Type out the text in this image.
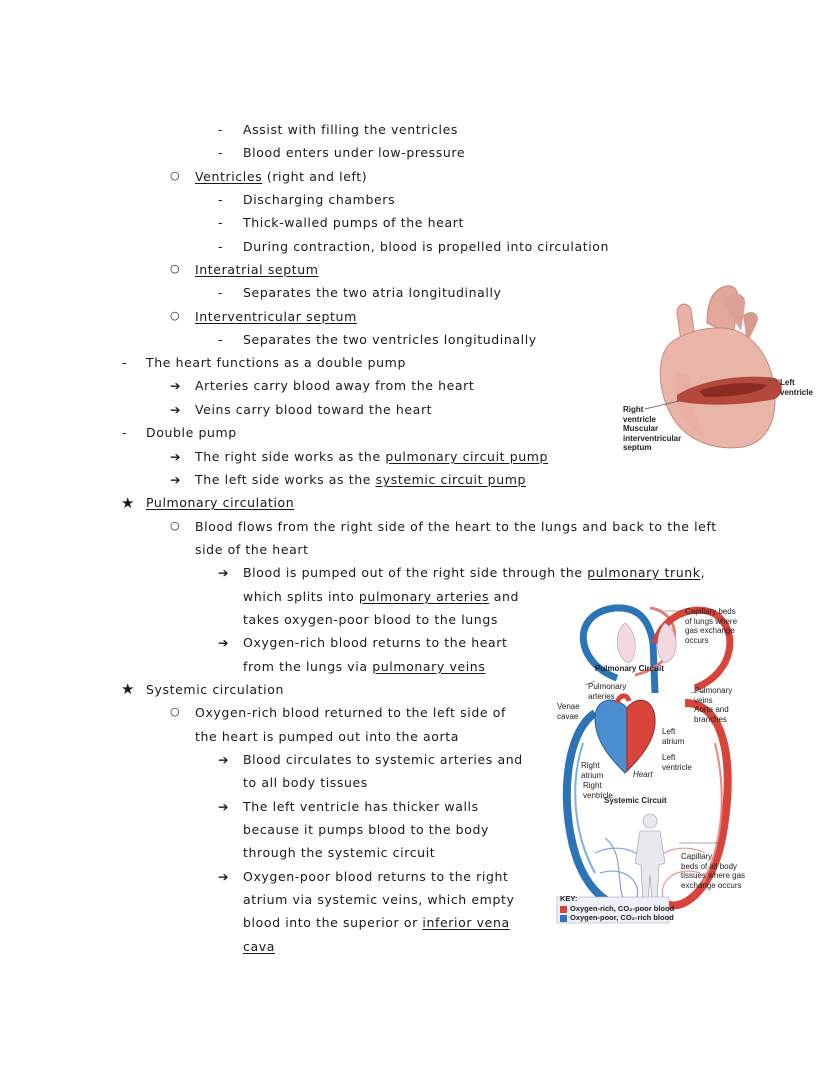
- Assist with filling the ventricles
- Blood enters under low-pressure
○ Ventricles (right and left)
- Discharging chambers
- Thick-walled pumps of the heart
- During contraction, blood is propelled into circulation
○ Interatrial septum
- Separates the two atria longitudinally
○ Interventricular septum
- Separates the two ventricles longitudinally
- The heart functions as a double pump
➔ Arteries carry blood away from the heart
➔ Veins carry blood toward the heart
- Double pump
➔ The right side works as the pulmonary circuit pump
➔ The left side works as the systemic circuit pump
★ Pulmonary circulation
○ Blood flows from the right side of the heart to the lungs and back to the left
side of the heart
➔ Blood is pumped out of the right side through the pulmonary trunk,
which splits into pulmonary arteries and
takes oxygen-poor blood to the lungs
➔ Oxygen-rich blood returns to the heart
from the lungs via pulmonary veins
★ Systemic circulation
○ Oxygen-rich blood returned to the left side of
the heart is pumped out into the aorta
➔ Blood circulates to systemic arteries and
to all body tissues
➔ The left ventricle has thicker walls
because it pumps blood to the body
through the systemic circuit
➔ Oxygen-poor blood returns to the right
atrium via systemic veins, which empty
blood into the superior or inferior vena
cava
Left
ventricle
Right
ventricle
Muscular
interventricular
septum
Capillary beds
of lungs where
gas exchange
occurs
Pulmonary Circuit
Pulmonary
arteries
Venae
cavae
Pulmonary
veins
Aorta and
branches
Left
atrium
Left
ventricle
Right
atrium	Heart
Right
ventricle
Systemic Circuit
Capillary
beds of all body
tissues where gas
exchange occurs
KEY:
Oxygen-rich, CO₂-poor blood
Oxygen-poor, CO₂-rich blood
